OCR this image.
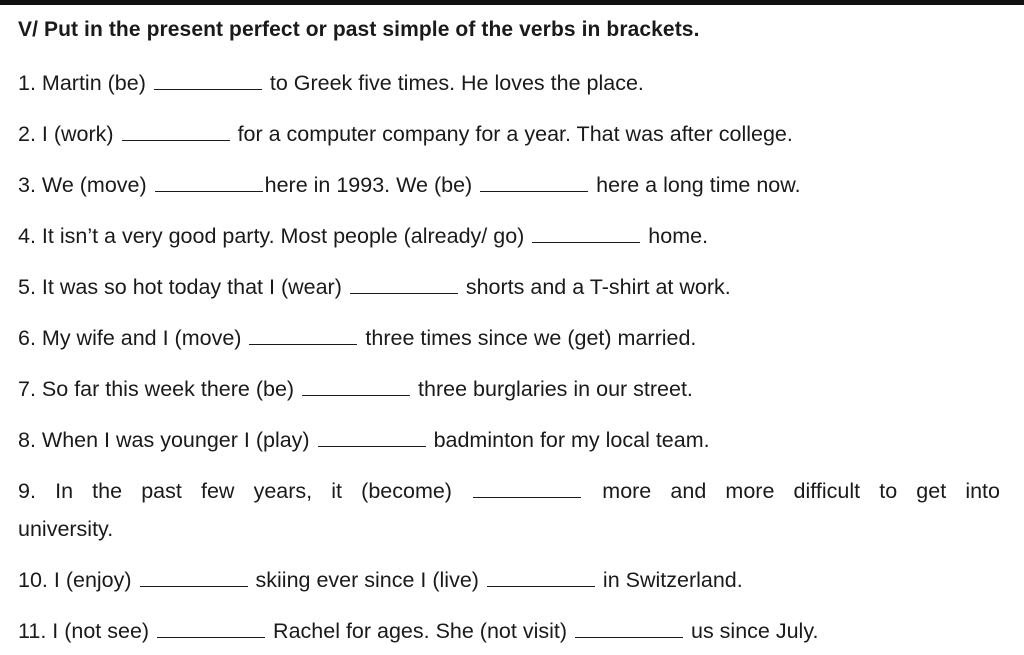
V/ Put in the present perfect or past simple of the verbs in brackets.
1. Martin (be)	to Greek five times. He loves the place.
2. I (work)	for a computer company for a year. That was after college.
3. We (move)	here in 1993. We (be)	here a long time now.
4. It isn’t a very good party. Most people (already/ go)	home.
5. It was so hot today that I (wear)	shorts and a T-shirt at work.
6. My wife and I (move)	three times since we (get) married.
7. So far this week there (be)	three burglaries in our street.
8. When I was younger I (play)	badminton for my local team.
9. In the past few years, it (become)	more and more difficult to get into
university.
10. I (enjoy)	skiing ever since I (live)	in Switzerland.
11. I (not see)	Rachel for ages. She (not visit)	us since July.
